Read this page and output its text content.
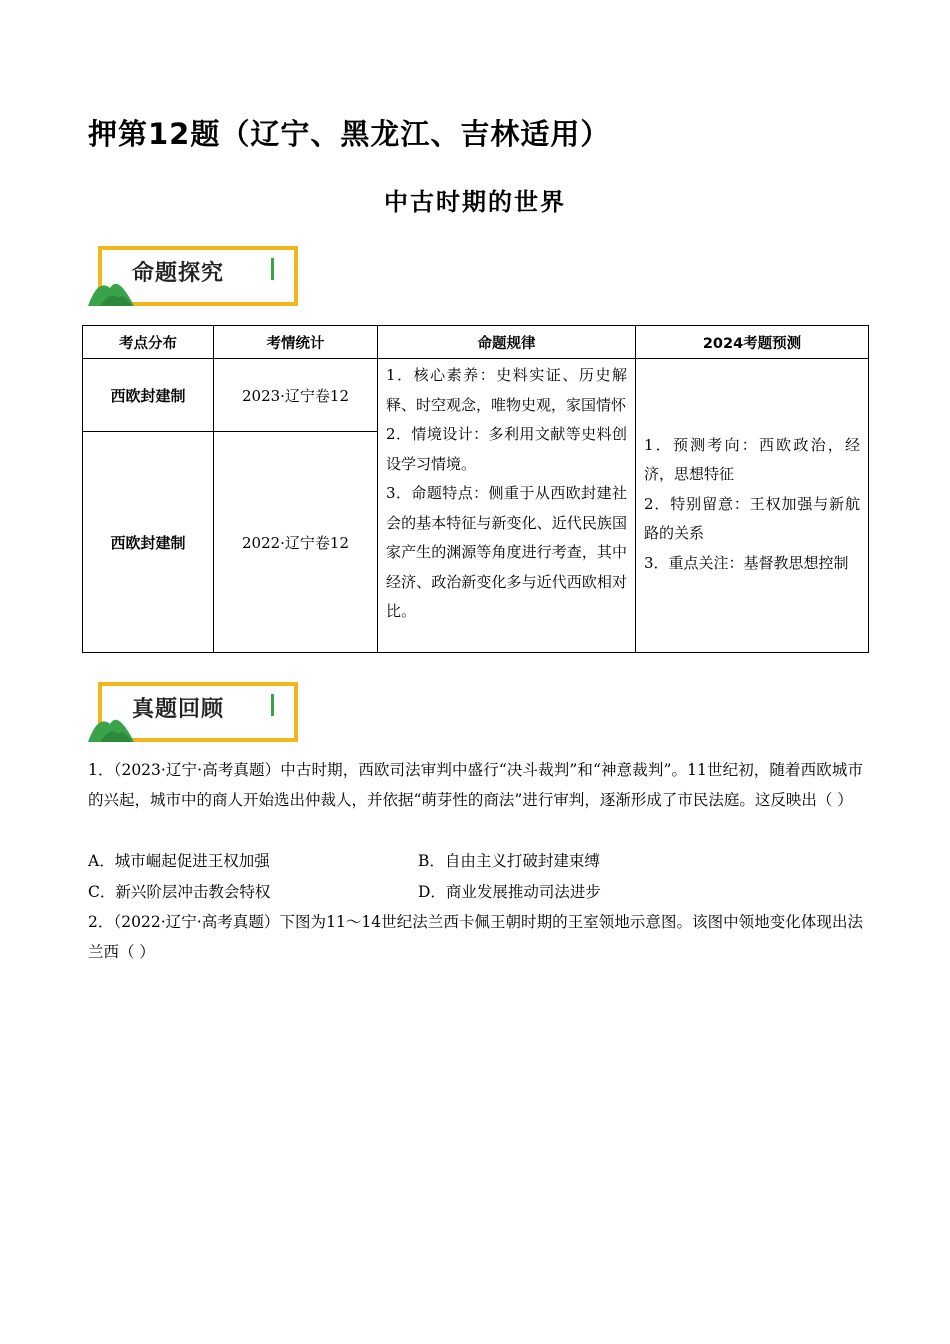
押第12题（辽宁、黑龙江、吉林适用）
中古时期的世界
命题探究
考点分布	考情统计	命题规律	2024考题预测
西欧封建制	2023·辽宁卷12	1．核心素养：史料实证、历史解释、时空观念，唯物史观，家国情怀
2．情境设计：多利用文献等史料创设学习情境。
3．命题特点：侧重于从西欧封建社会的基本特征与新变化、近代民族国家产生的渊源等角度进行考查，其中经济、政治新变化多与近代西欧相对比。	1．预测考向：西欧政治，经济，思想特征
2．特别留意：王权加强与新航路的关系
3．重点关注：基督教思想控制

西欧封建制	2022·辽宁卷12		
真题回顾
1．（2023·辽宁·高考真题）中古时期，西欧司法审判中盛行“决斗裁判”和“神意裁判”。11世纪初，随着西欧城市的兴起，城市中的商人开始选出仲裁人，并依据“萌芽性的商法”进行审判，逐渐形成了市民法庭。这反映出（ ）
A．城市崛起促进王权加强	B．自由主义打破封建束缚
C．新兴阶层冲击教会特权	D．商业发展推动司法进步
2．（2022·辽宁·高考真题）下图为11～14世纪法兰西卡佩王朝时期的王室领地示意图。该图中领地变化体现出法兰西（ ）
